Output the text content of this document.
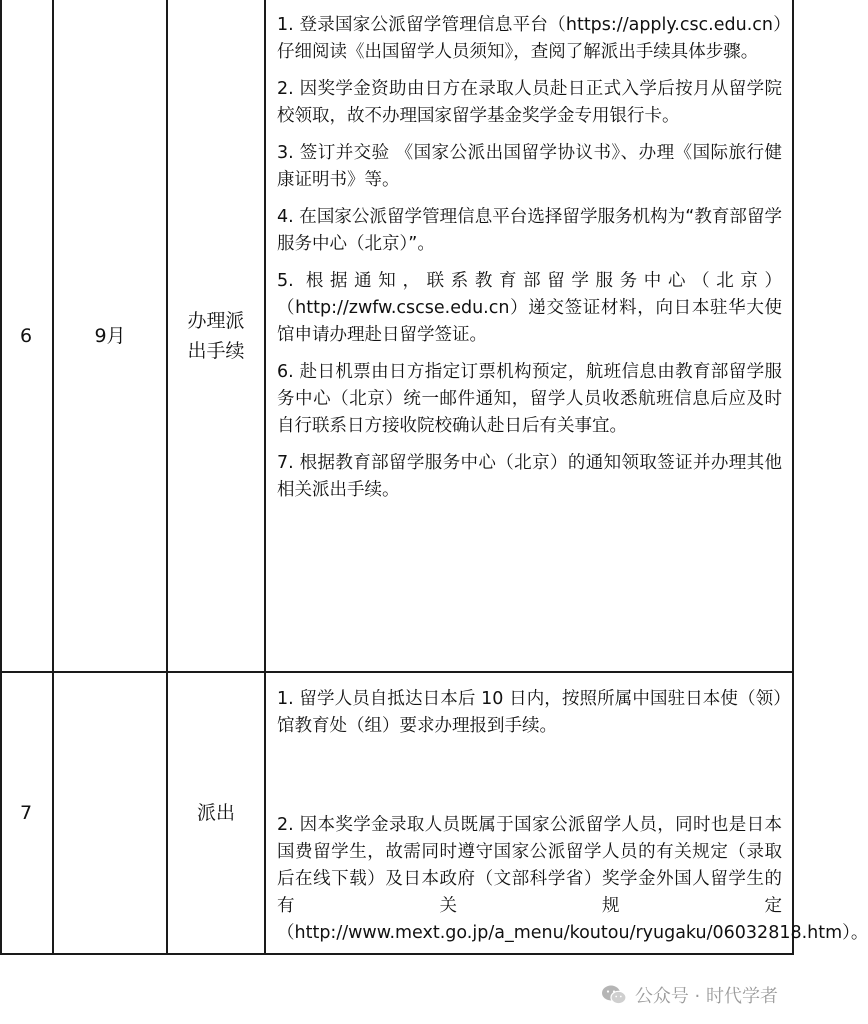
6	9月
办理派
出手续

1. 登录国家公派留学管理信息平台（https://apply.csc.edu.cn）仔细阅读《出国留学人员须知》，查阅了解派出手续具体步骤。

2. 因奖学金资助由日方在录取人员赴日正式入学后按月从留学院校领取，故不办理国家留学基金奖学金专用银行卡。

3. 签订并交验 《国家公派出国留学协议书》、办理《国际旅行健康证明书》等。

4. 在国家公派留学管理信息平台选择留学服务机构为“教育部留学服务中心（北京）”。

5. 根据通知，联系教育部留学服务中心（北京）（http://zwfw.cscse.edu.cn）递交签证材料，向日本驻华大使馆申请办理赴日留学签证。

6. 赴日机票由日方指定订票机构预定，航班信息由教育部留学服务中心（北京）统一邮件通知，留学人员收悉航班信息后应及时自行联系日方接收院校确认赴日后有关事宜。

7. 根据教育部留学服务中心（北京）的通知领取签证并办理其他相关派出手续。

7	派出

1. 留学人员自抵达日本后 10 日内，按照所属中国驻日本使（领）馆教育处（组）要求办理报到手续。

2. 因本奖学金录取人员既属于国家公派留学人员，同时也是日本国费留学生，故需同时遵守国家公派留学人员的有关规定（录取后在线下载）及日本政府（文部科学省）奖学金外国人留学生的有关规定（http://www.mext.go.jp/a_menu/koutou/ryugaku/06032818.htm）。

公众号 · 时代学者
